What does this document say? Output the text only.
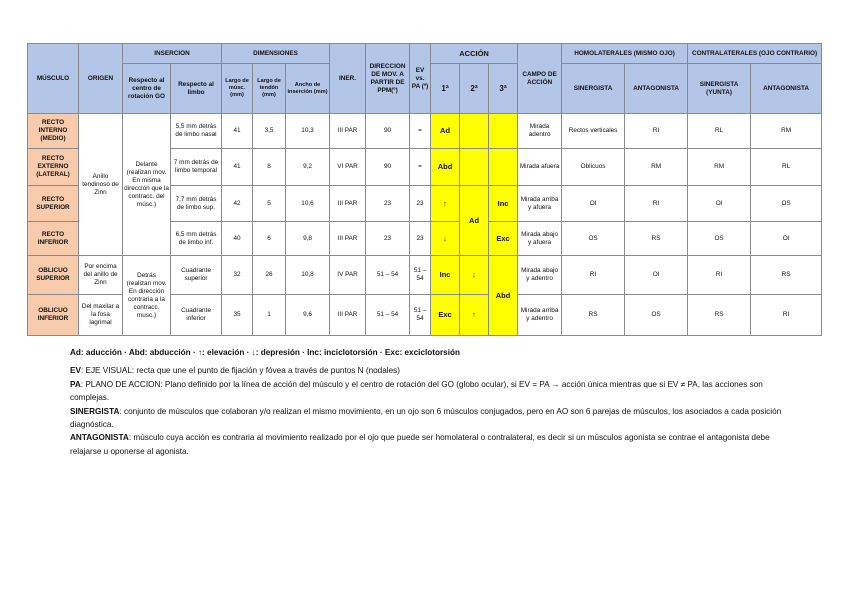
MÚSCULO	ORIGEN	INSERCION		DIMENSIONES			INER.	DIRECCION DE MOV. A PARTIR DE PPM(º)	EV vs. PA (º)	ACCIÓN			CAMPO DE ACCIÓN	HOMOLATERALES (MISMO OJO)		CONTRALATERALES (OJO CONTRARIO)	
		Respecto al centro de rotación GO	Respecto al limbo	Largo de músc. (mm)	Largo de tendón (mm)	Ancho de inserción (mm)				1ª	2ª	3ª		SINERGISTA	ANTAGONISTA	SINERGISTA (YUNTA)	ANTAGONISTA
RECTO INTERNO (MEDIO)	Anillo tendinoso de Zinn	Delante (realizan mov. En misma dirección que la contracc. del músc.)	5,5 mm detrás de limbo nasal	41	3,5	10,3	III PAR	90	=	Ad			Mirada adentro	Rectos verticales	RI	RL	RM
RECTO EXTERNO (LATERAL)			7 mm detrás de limbo temporal	41	8	9,2	VI PAR	90	=	Abd			Mirada afuera	Oblicuos	RM	RM	RL
RECTO SUPERIOR			7,7 mm detrás de limbo sup.	42	5	10,6	III PAR	23	23	↑	Ad	Inc	Mirada arriba y afuera	OI	RI	OI	OS
RECTO INFERIOR			6,5 mm detrás de limbo inf.	40	6	9,8	III PAR	23	23	↓		Exc	Mirada abajo y afuera	OS	RS	OS	OI
OBLICUO SUPERIOR	Por encima del anillo de Zinn	Detrás (realizan mov. En dirección contraria a la contracc. musc.)	Cuadrante superior	32	26	10,8	IV PAR	51 – 54	51 – 54	Inc	↓	Abd	Mirada abajo y adentro	RI	OI	RI	RS
OBLICUO INFERIOR	Del maxilar a la fosa lagrimal		Cuadrante inferior	35	1	9,6	III PAR	51 – 54	51 – 54	Exc	↑		Mirada arriba y adentro	RS	OS	RS	RI

Ad: aducción · Abd: abducción · ↑: elevación · ↓: depresión · Inc: inciclotorsión · Exc: exciclotorsión

EV: EJE VISUAL: recta que une el punto de fijación y fóvea a través de puntos N (nodales)

PA: PLANO DE ACCION: Plano definido por la línea de acción del músculo y el centro de rotación del GO (globo ocular), si EV = PA → acción única mientras que si EV ≠ PA, las acciones son complejas.

SINERGISTA: conjunto de músculos que colaboran y/o realizan el mismo movimiento, en un ojo son 6 músculos conjugados, pero en AO son 6 parejas de músculos, los asociados a cada posición diagnóstica.

ANTAGONISTA: músculo cuya acción es contraria al movimiento realizado por el ojo que puede ser homolateral o contralateral, es decir si un músculos agonista se contrae el antagonista debe relajarse u oponerse al agonista.
